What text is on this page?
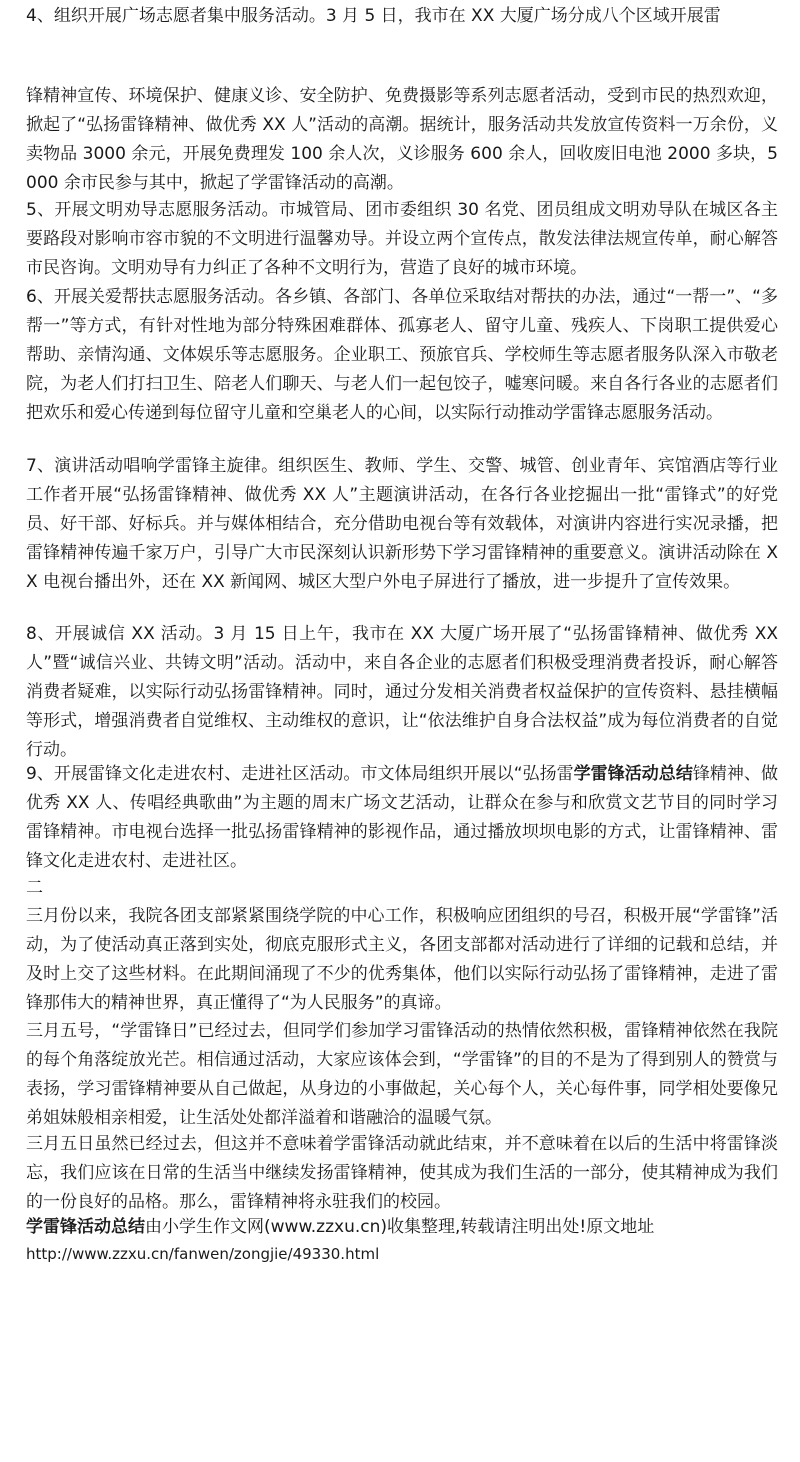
4、组织开展广场志愿者集中服务活动。3 月 5 日，我市在 XX 大厦广场分成八个区域开展雷

锋精神宣传、环境保护、健康义诊、安全防护、免费摄影等系列志愿者活动，受到市民的热烈欢迎，掀起了“弘扬雷锋精神、做优秀 XX 人”活动的高潮。据统计，服务活动共发放宣传资料一万余份，义卖物品 3000 余元，开展免费理发 100 余人次，义诊服务 600 余人，回收废旧电池 2000 多块，5000 余市民参与其中，掀起了学雷锋活动的高潮。

5、开展文明劝导志愿服务活动。市城管局、团市委组织 30 名党、团员组成文明劝导队在城区各主要路段对影响市容市貌的不文明进行温馨劝导。并设立两个宣传点，散发法律法规宣传单，耐心解答市民咨询。文明劝导有力纠正了各种不文明行为，营造了良好的城市环境。

6、开展关爱帮扶志愿服务活动。各乡镇、各部门、各单位采取结对帮扶的办法，通过“一帮一”、“多帮一”等方式，有针对性地为部分特殊困难群体、孤寡老人、留守儿童、残疾人、下岗职工提供爱心帮助、亲情沟通、文体娱乐等志愿服务。企业职工、预旅官兵、学校师生等志愿者服务队深入市敬老院，为老人们打扫卫生、陪老人们聊天、与老人们一起包饺子，嘘寒问暖。来自各行各业的志愿者们把欢乐和爱心传递到每位留守儿童和空巢老人的心间，以实际行动推动学雷锋志愿服务活动。

7、演讲活动唱响学雷锋主旋律。组织医生、教师、学生、交警、城管、创业青年、宾馆酒店等行业工作者开展“弘扬雷锋精神、做优秀 XX 人”主题演讲活动，在各行各业挖掘出一批“雷锋式”的好党员、好干部、好标兵。并与媒体相结合，充分借助电视台等有效载体，对演讲内容进行实况录播，把雷锋精神传遍千家万户，引导广大市民深刻认识新形势下学习雷锋精神的重要意义。演讲活动除在 XX 电视台播出外，还在 XX 新闻网、城区大型户外电子屏进行了播放，进一步提升了宣传效果。

8、开展诚信 XX 活动。3 月 15 日上午，我市在 XX 大厦广场开展了“弘扬雷锋精神、做优秀 XX 人”暨“诚信兴业、共铸文明”活动。活动中，来自各企业的志愿者们积极受理消费者投诉，耐心解答消费者疑难，以实际行动弘扬雷锋精神。同时，通过分发相关消费者权益保护的宣传资料、悬挂横幅等形式，增强消费者自觉维权、主动维权的意识，让“依法维护自身合法权益”成为每位消费者的自觉行动。

9、开展雷锋文化走进农村、走进社区活动。市文体局组织开展以“弘扬雷学雷锋活动总结锋精神、做优秀 XX 人、传唱经典歌曲”为主题的周末广场文艺活动，让群众在参与和欣赏文艺节目的同时学习雷锋精神。市电视台选择一批弘扬雷锋精神的影视作品，通过播放坝坝电影的方式，让雷锋精神、雷锋文化走进农村、走进社区。

二

三月份以来，我院各团支部紧紧围绕学院的中心工作，积极响应团组织的号召，积极开展“学雷锋”活动，为了使活动真正落到实处，彻底克服形式主义，各团支部都对活动进行了详细的记载和总结，并及时上交了这些材料。在此期间涌现了不少的优秀集体，他们以实际行动弘扬了雷锋精神，走进了雷锋那伟大的精神世界，真正懂得了“为人民服务”的真谛。

三月五号，“学雷锋日”已经过去，但同学们参加学习雷锋活动的热情依然积极，雷锋精神依然在我院的每个角落绽放光芒。相信通过活动，大家应该体会到，“学雷锋”的目的不是为了得到别人的赞赏与表扬，学习雷锋精神要从自己做起，从身边的小事做起，关心每个人，关心每件事，同学相处要像兄弟姐妹般相亲相爱，让生活处处都洋溢着和谐融洽的温暖气氛。

三月五日虽然已经过去，但这并不意味着学雷锋活动就此结束，并不意味着在以后的生活中将雷锋淡忘，我们应该在日常的生活当中继续发扬雷锋精神，使其成为我们生活的一部分，使其精神成为我们的一份良好的品格。那么，雷锋精神将永驻我们的校园。

学雷锋活动总结由小学生作文网(www.zzxu.cn)收集整理,转载请注明出处!原文地址

http://www.zzxu.cn/fanwen/zongjie/49330.html
